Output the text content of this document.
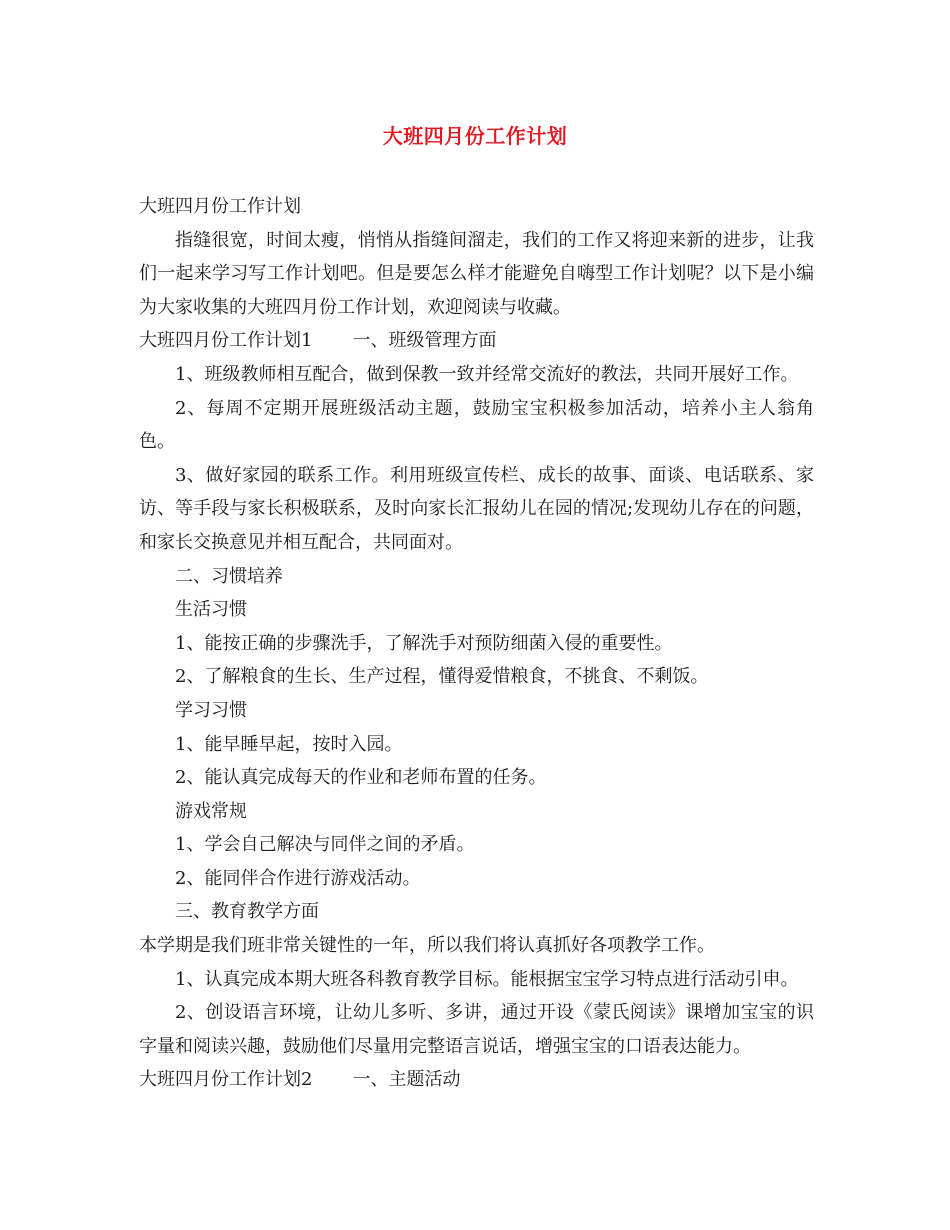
大班四月份工作计划

大班四月份工作计划

指缝很宽，时间太瘦，悄悄从指缝间溜走，我们的工作又将迎来新的进步，让我们一起来学习写工作计划吧。但是要怎么样才能避免自嗨型工作计划呢？以下是小编为大家收集的大班四月份工作计划，欢迎阅读与收藏。

大班四月份工作计划1 一、班级管理方面

1、班级教师相互配合，做到保教一致并经常交流好的教法，共同开展好工作。

2、每周不定期开展班级活动主题，鼓励宝宝积极参加活动，培养小主人翁角色。

3、做好家园的联系工作。利用班级宣传栏、成长的故事、面谈、电话联系、家访、等手段与家长积极联系，及时向家长汇报幼儿在园的情况;发现幼儿存在的问题，和家长交换意见并相互配合，共同面对。

二、习惯培养

生活习惯

1、能按正确的步骤洗手，了解洗手对预防细菌入侵的重要性。

2、了解粮食的生长、生产过程，懂得爱惜粮食，不挑食、不剩饭。

学习习惯

1、能早睡早起，按时入园。

2、能认真完成每天的作业和老师布置的任务。

游戏常规

1、学会自己解决与同伴之间的矛盾。

2、能同伴合作进行游戏活动。

三、教育教学方面

本学期是我们班非常关键性的一年，所以我们将认真抓好各项教学工作。

1、认真完成本期大班各科教育教学目标。能根据宝宝学习特点进行活动引申。

2、创设语言环境，让幼儿多听、多讲，通过开设《蒙氏阅读》课增加宝宝的识字量和阅读兴趣，鼓励他们尽量用完整语言说话，增强宝宝的口语表达能力。

大班四月份工作计划2 一、主题活动
